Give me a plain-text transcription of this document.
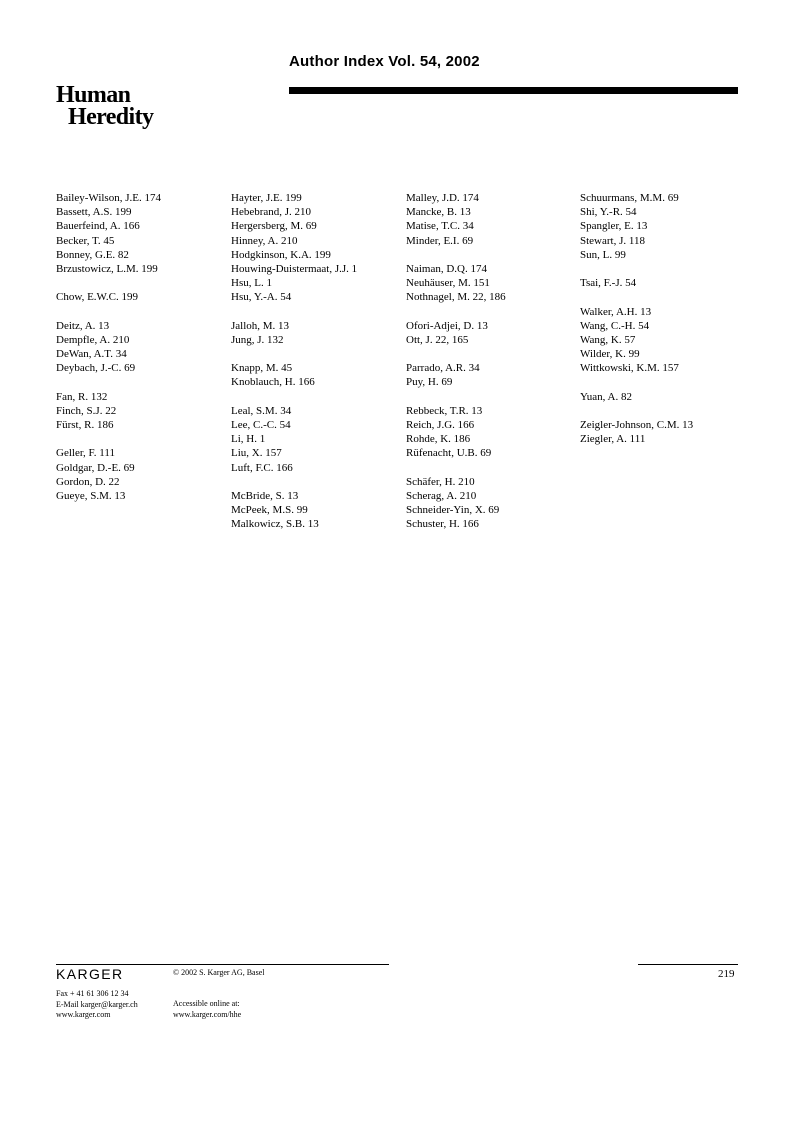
Author Index Vol. 54, 2002
Human
Heredity
Bailey-Wilson, J.E. 174
Bassett, A.S. 199
Bauerfeind, A. 166
Becker, T. 45
Bonney, G.E. 82
Brzustowicz, L.M. 199
Chow, E.W.C. 199
Deitz, A. 13
Dempfle, A. 210
DeWan, A.T. 34
Deybach, J.-C. 69
Fan, R. 132
Finch, S.J. 22
Fürst, R. 186
Geller, F. 111
Goldgar, D.-E. 69
Gordon, D. 22
Gueye, S.M. 13
Hayter, J.E. 199
Hebebrand, J. 210
Hergersberg, M. 69
Hinney, A. 210
Hodgkinson, K.A. 199
Houwing-Duistermaat, J.J. 1
Hsu, L. 1
Hsu, Y.-A. 54
Jalloh, M. 13
Jung, J. 132
Knapp, M. 45
Knoblauch, H. 166
Leal, S.M. 34
Lee, C.-C. 54
Li, H. 1
Liu, X. 157
Luft, F.C. 166
McBride, S. 13
McPeek, M.S. 99
Malkowicz, S.B. 13
Malley, J.D. 174
Mancke, B. 13
Matise, T.C. 34
Minder, E.I. 69
Naiman, D.Q. 174
Neuhäuser, M. 151
Nothnagel, M. 22, 186
Ofori-Adjei, D. 13
Ott, J. 22, 165
Parrado, A.R. 34
Puy, H. 69
Rebbeck, T.R. 13
Reich, J.G. 166
Rohde, K. 186
Rüfenacht, U.B. 69
Schäfer, H. 210
Scherag, A. 210
Schneider-Yin, X. 69
Schuster, H. 166
Schuurmans, M.M. 69
Shi, Y.-R. 54
Spangler, E. 13
Stewart, J. 118
Sun, L. 99
Tsai, F.-J. 54
Walker, A.H. 13
Wang, C.-H. 54
Wang, K. 57
Wilder, K. 99
Wittkowski, K.M. 157
Yuan, A. 82
Zeigler-Johnson, C.M. 13
Ziegler, A. 111
KARGER	© 2002 S. Karger AG, Basel
Fax + 41 61 306 12 34
E-Mail karger@karger.ch
www.karger.com
Accessible online at:
www.karger.com/hhe
219
